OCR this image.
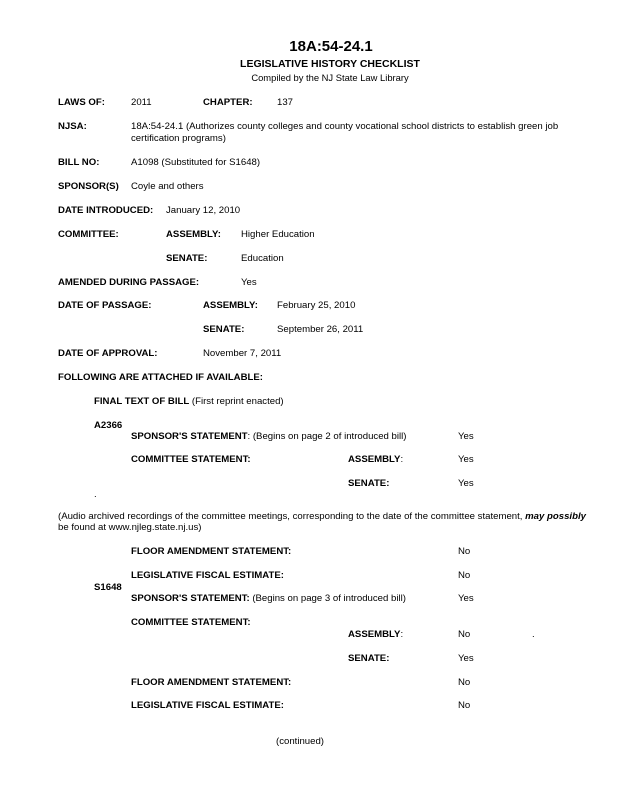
18A:54-24.1
LEGISLATIVE HISTORY CHECKLIST
Compiled by the NJ State Law Library
LAWS OF:	2011	CHAPTER:	137
NJSA:	18A:54-24.1 (Authorizes county colleges and county vocational school districts to establish green job
certification programs)
BILL NO:	A1098 (Substituted for S1648)
SPONSOR(S) Coyle and others
DATE INTRODUCED: January 12, 2010
COMMITTEE:	ASSEMBLY: Higher Education
SENATE:	Education
AMENDED DURING PASSAGE:	Yes
DATE OF PASSAGE:	ASSEMBLY: February 25, 2010
SENATE:	September 26, 2011
DATE OF APPROVAL:	November 7, 2011
FOLLOWING ARE ATTACHED IF AVAILABLE:
FINAL TEXT OF BILL (First reprint enacted)
A2366
SPONSOR'S STATEMENT: (Begins on page 2 of introduced bill)	Yes
COMMITTEE STATEMENT:	ASSEMBLY:	Yes
SENATE:	Yes
.
(Audio archived recordings of the committee meetings, corresponding to the date of the committee statement, may possibly
be found at www.njleg.state.nj.us)
FLOOR AMENDMENT STATEMENT:	No
LEGISLATIVE FISCAL ESTIMATE:	No
S1648
SPONSOR'S STATEMENT: (Begins on page 3 of introduced bill)	Yes
COMMITTEE STATEMENT:
ASSEMBLY:	No	.
SENATE:	Yes
FLOOR AMENDMENT STATEMENT:	No
LEGISLATIVE FISCAL ESTIMATE:	No
(continued)
